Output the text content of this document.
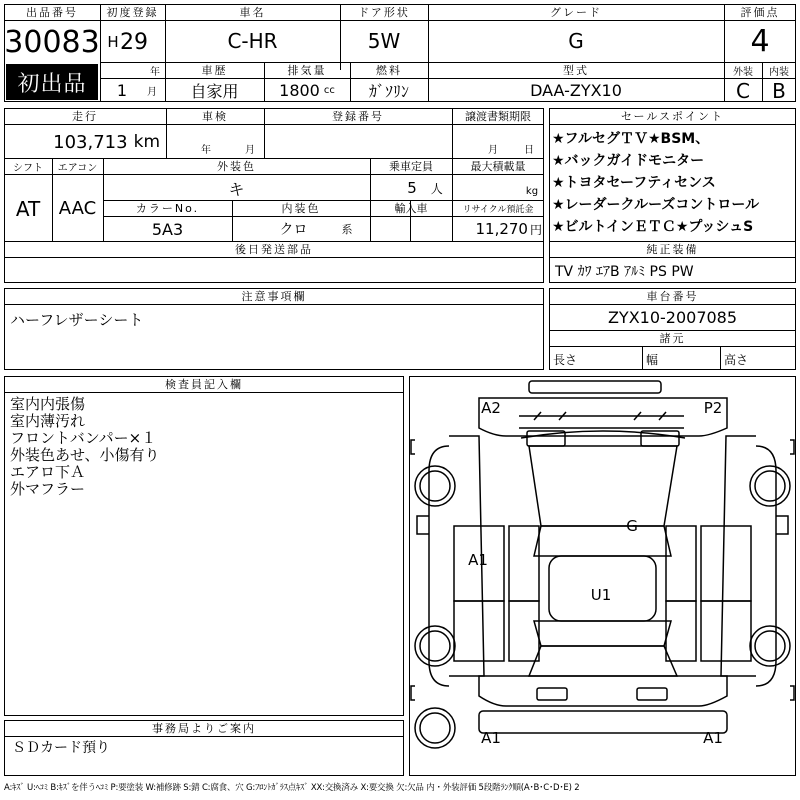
出品番号
30083
初出品
初度登録
H 29
年
1	月
車名
C-HR
ドア形状
5W
グレード
G
評価点
4
車歴
自家用
排気量
1800 cc
燃料
ｶﾞｿﾘﾝ
型式
DAA-ZYX10
外装	内装
C	B
走行
103,713 km
車検
年	月
登録番号	譲渡書類期限
月	日
シフト
AT
エアコン
AAC
外装色
キ
乗車定員
5 人
最大積載量
kg
カラーNo.
5A3
内装色
クロ	系
輸入車	リサイクル預託金
11,270 円
後日発送部品
セールスポイント
★フルセグＴＶ★BSM、
★バックガイドモニター
★トヨタセーフティセンス
★レーダークルーズコントロール
★ビルトインＥＴＣ★プッシュS
純正装備
TV ｶﾜ ｴｱB ｱﾙﾐ PS PW
注意事項欄
ハーフレザーシート
車台番号
ZYX10-2007085
諸元
長さ	幅	高さ
検査員記入欄
室内内張傷
室内薄汚れ
フロントバンパー×１
外装色あせ、小傷有り
エアロ下Ａ
外マフラー
事務局よりご案内
ＳＤカード預り
A2	P2
G
A1
U1
A1	A1
A:ｷｽﾞ U:ﾍｺﾐ B:ｷｽﾞを伴うﾍｺﾐ P:要塗装 W:補修跡 S:錆 C:腐食、穴 G:ﾌﾛﾝﾄｶﾞﾗｽ点ｷｽﾞ XX:交換済み X:要交換 欠:欠品 内・外装評価 5段階ﾗﾝｸ順(A･B･C･D･E) 2
